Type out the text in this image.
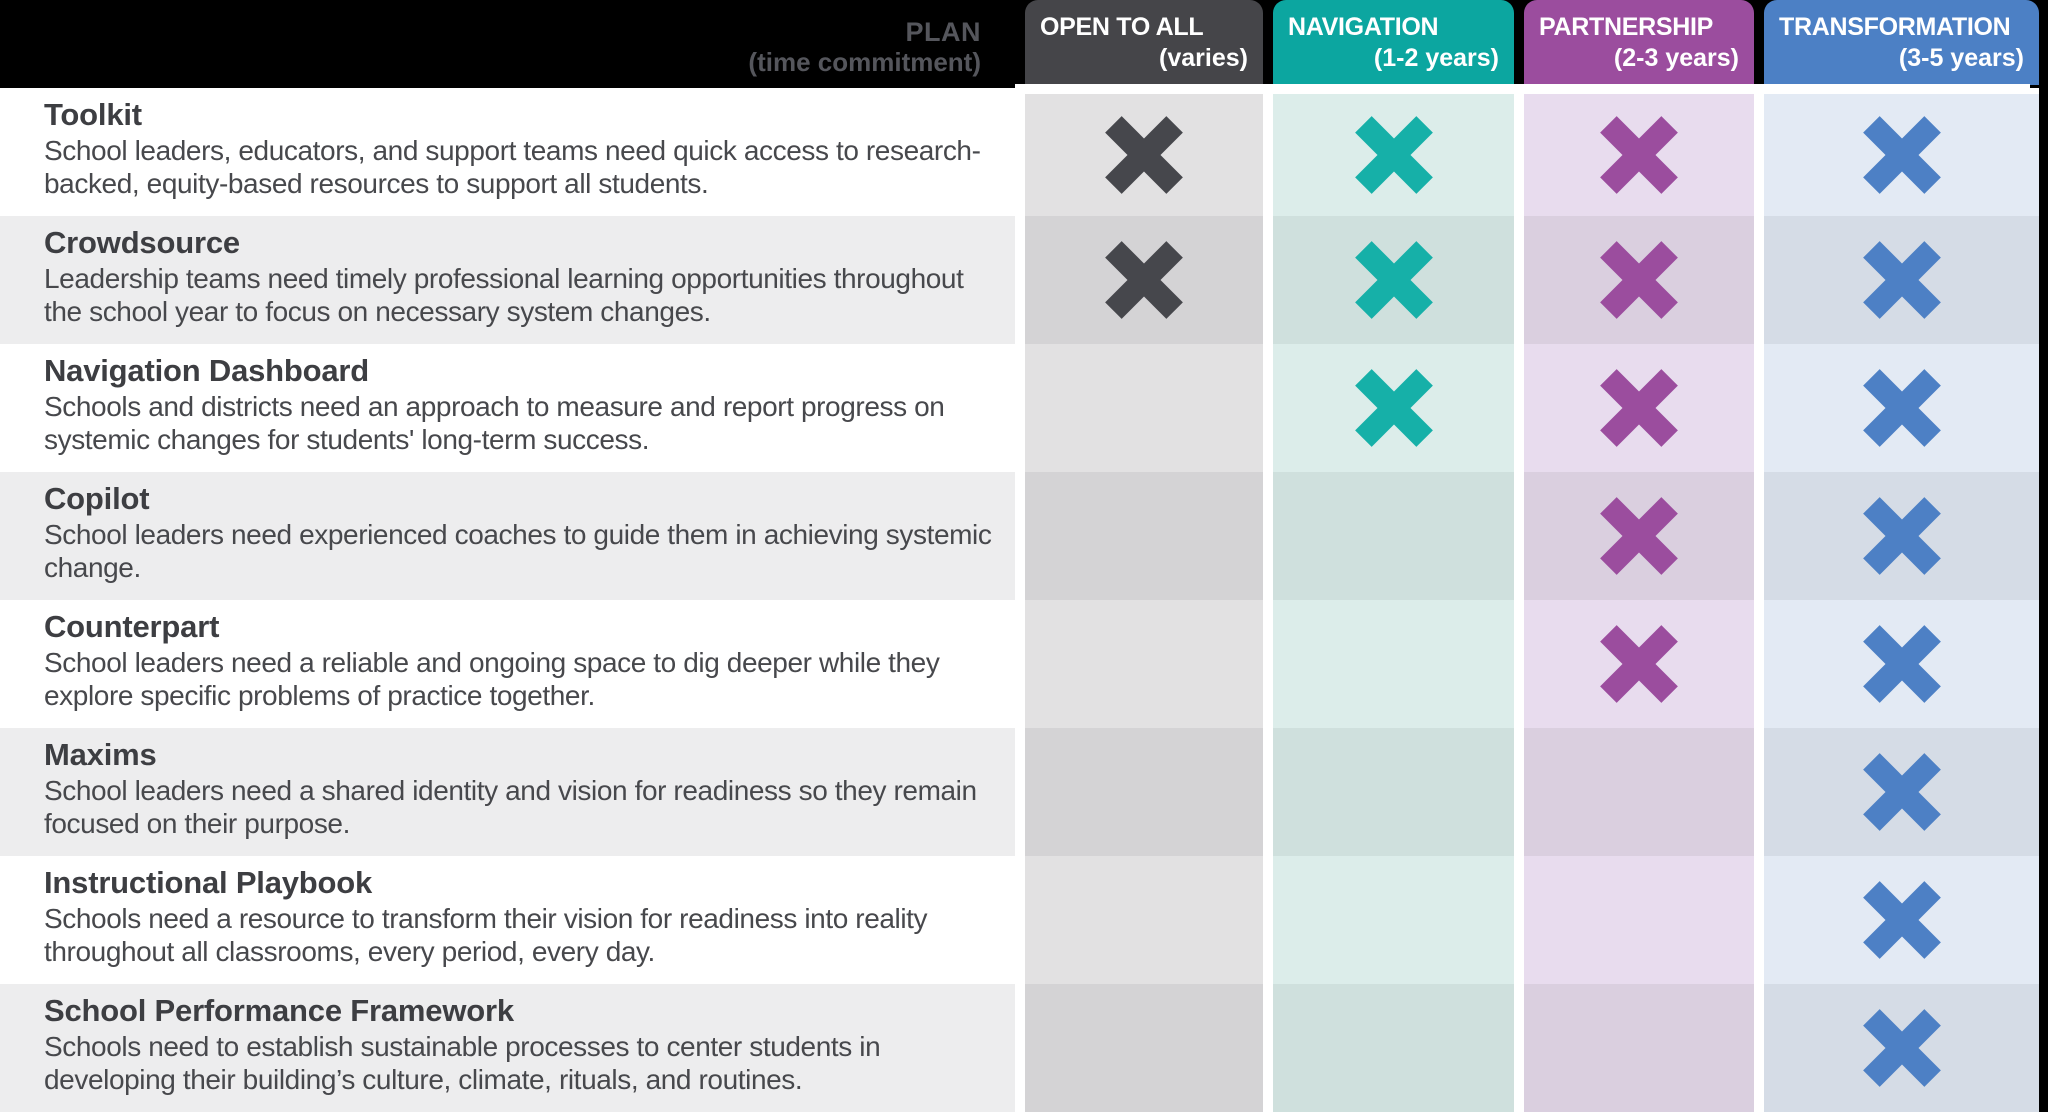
PLAN
(time commitment)
OPEN TO ALL
(varies)
NAVIGATION
(1-2 years)
PARTNERSHIP
(2-3 years)
TRANSFORMATION
(3-5 years)
Toolkit
School leaders, educators, and support teams need quick access to research-backed, equity-based resources to support all students.
Crowdsource
Leadership teams need timely professional learning opportunities throughout the school year to focus on necessary system changes.
Navigation Dashboard
Schools and districts need an approach to measure and report progress on systemic changes for students' long-term success.
Copilot
School leaders need experienced coaches to guide them in achieving systemic change.
Counterpart
School leaders need a reliable and ongoing space to dig deeper while they explore specific problems of practice together.
Maxims
School leaders need a shared identity and vision for readiness so they remain focused on their purpose.
Instructional Playbook
Schools need a resource to transform their vision for readiness into reality throughout all classrooms, every period, every day.
School Performance Framework
Schools need to establish sustainable processes to center students in developing their building’s culture, climate, rituals, and routines.
